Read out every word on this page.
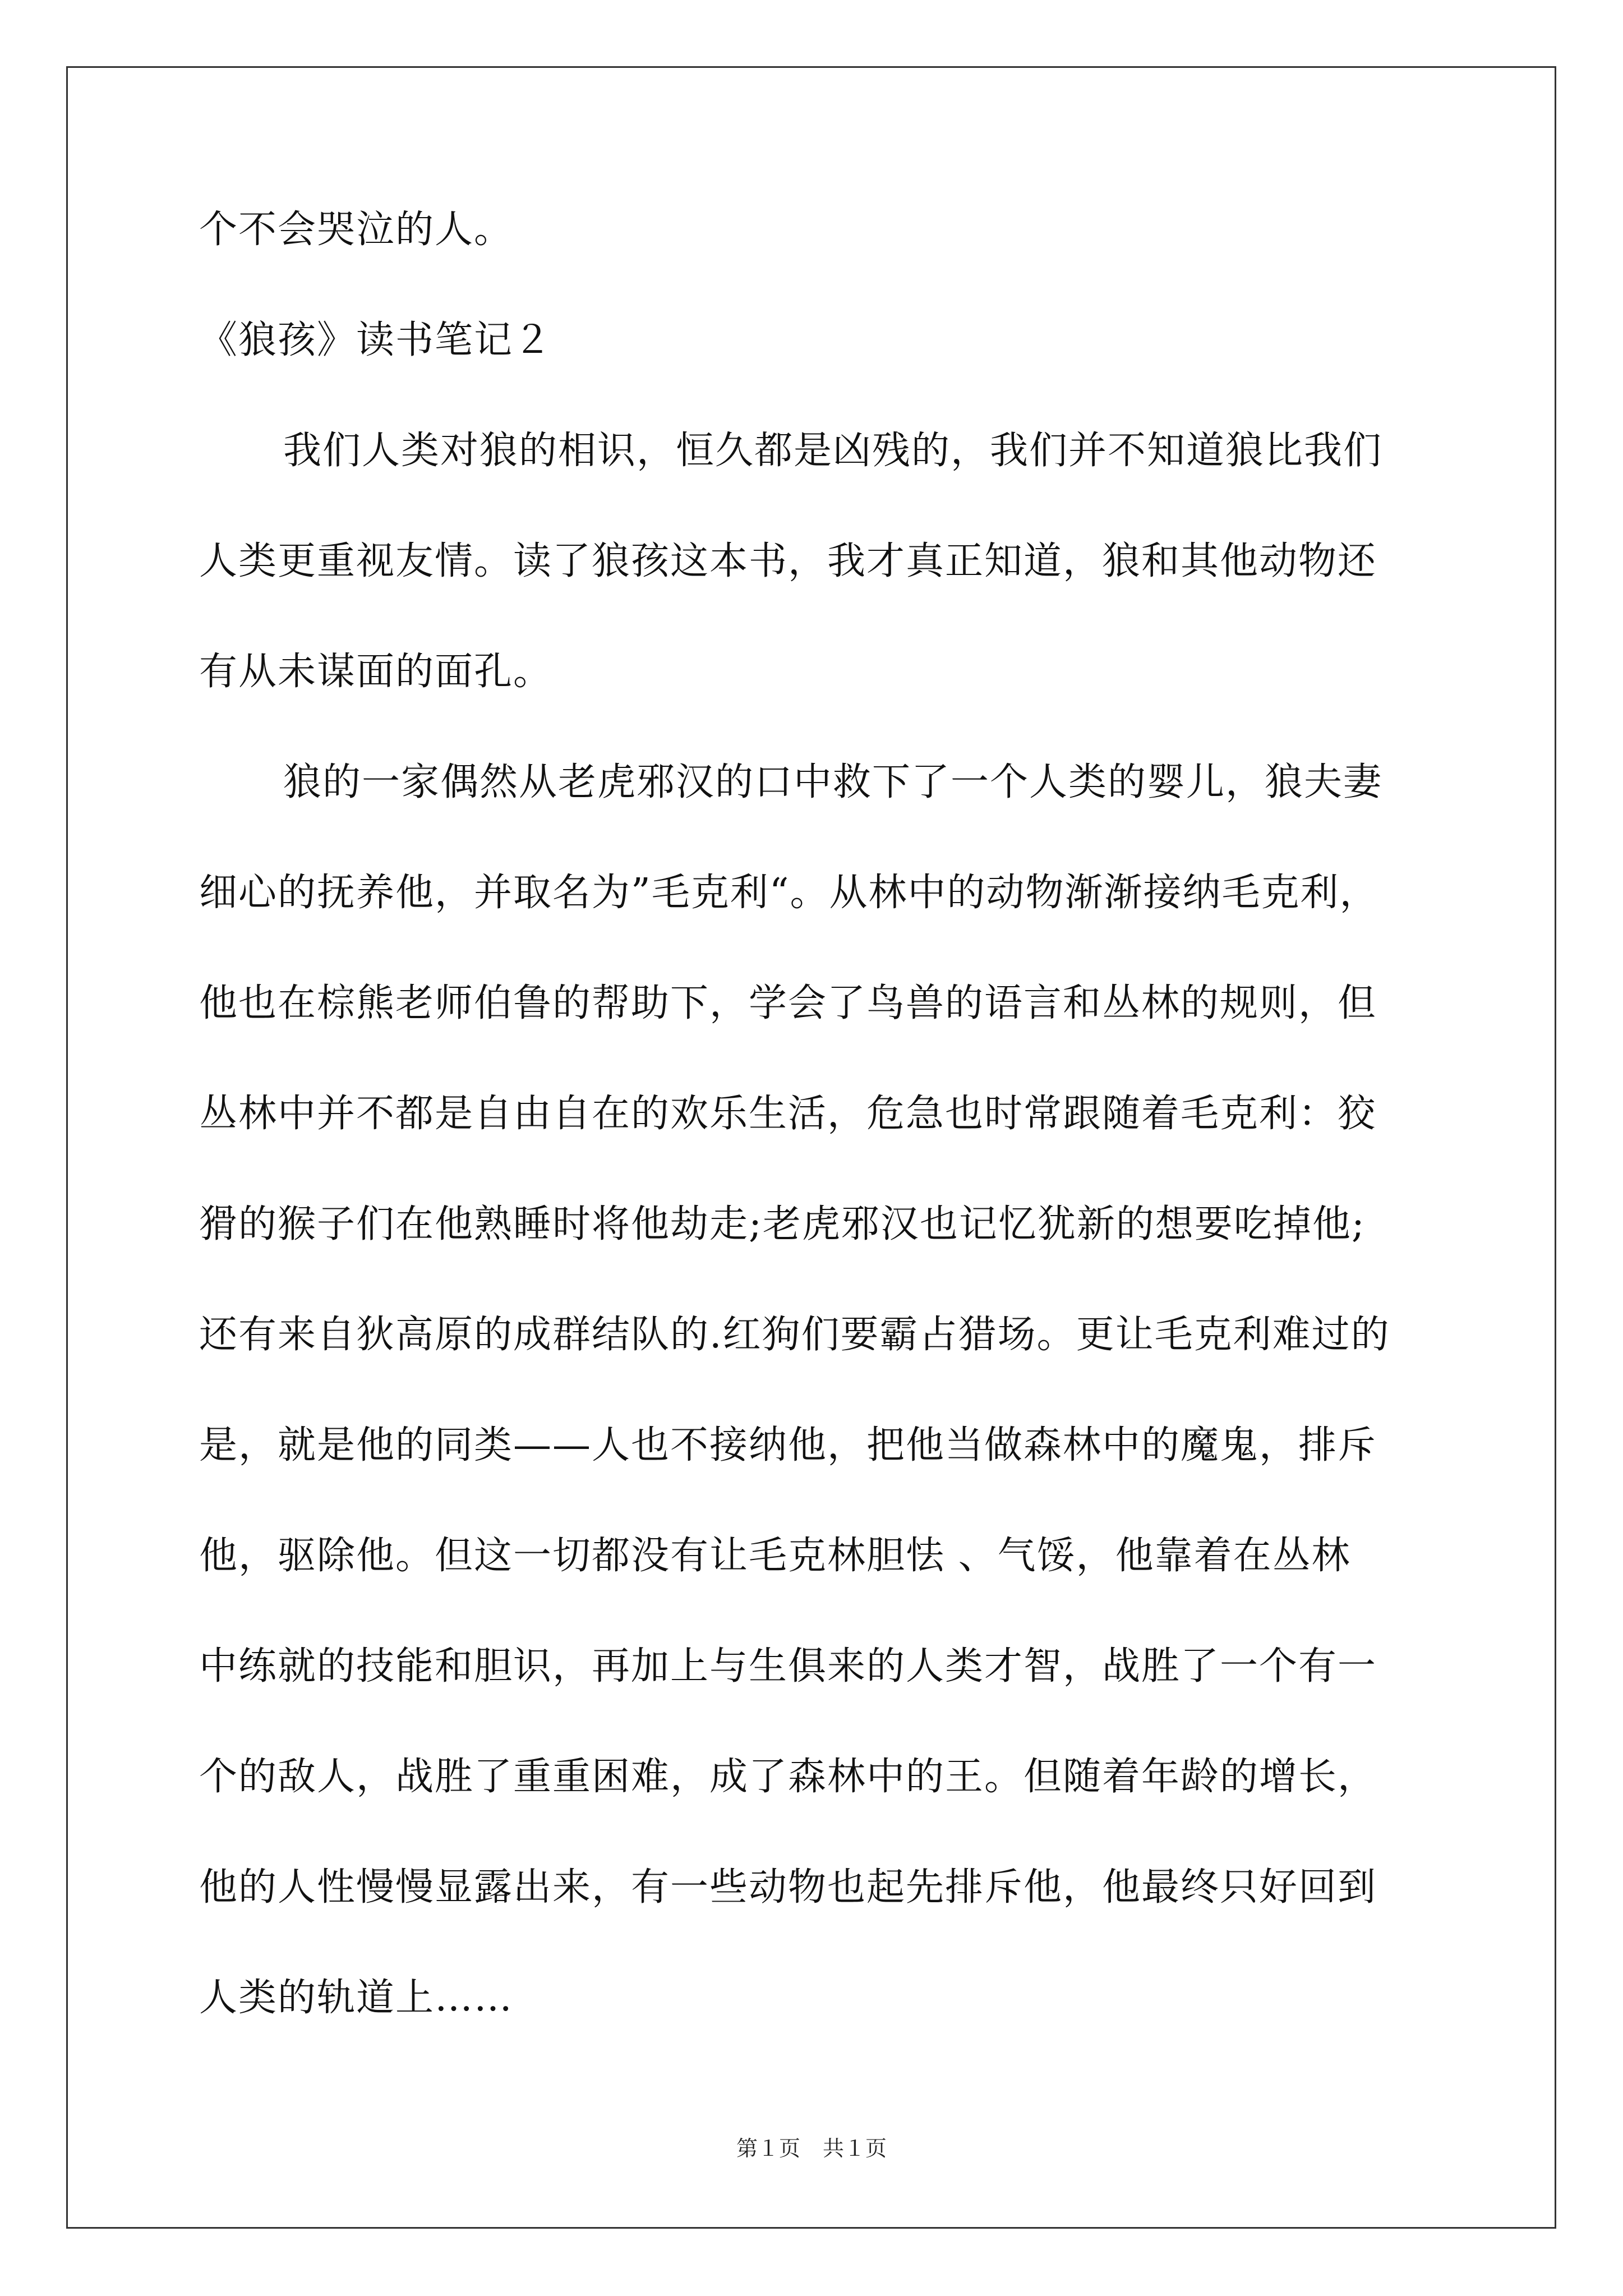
个不会哭泣的人。
《狼孩》读书笔记２
我们人类对狼的相识，恒久都是凶残的，我们并不知道狼比我们
人类更重视友情。读了狼孩这本书，我才真正知道，狼和其他动物还
有从未谋面的面孔。
狼的一家偶然从老虎邪汉的口中救下了一个人类的婴儿，狼夫妻
细心的抚养他，并取名为”毛克利“。从林中的动物渐渐接纳毛克利，
他也在棕熊老师伯鲁的帮助下，学会了鸟兽的语言和丛林的规则，但
丛林中并不都是自由自在的欢乐生活，危急也时常跟随着毛克利：狡
猾的猴子们在他熟睡时将他劫走;老虎邪汉也记忆犹新的想要吃掉他;
还有来自狄高原的成群结队的.红狗们要霸占猎场。更让毛克利难过的
是，就是他的同类——人也不接纳他，把他当做森林中的魔鬼，排斥
他，驱除他。但这一切都没有让毛克林胆怯 、气馁，他靠着在丛林
中练就的技能和胆识，再加上与生俱来的人类才智，战胜了一个有一
个的敌人，战胜了重重困难，成了森林中的王。但随着年龄的增长，
他的人性慢慢显露出来，有一些动物也起先排斥他，他最终只好回到
第１页 共１页
人类的轨道上……
